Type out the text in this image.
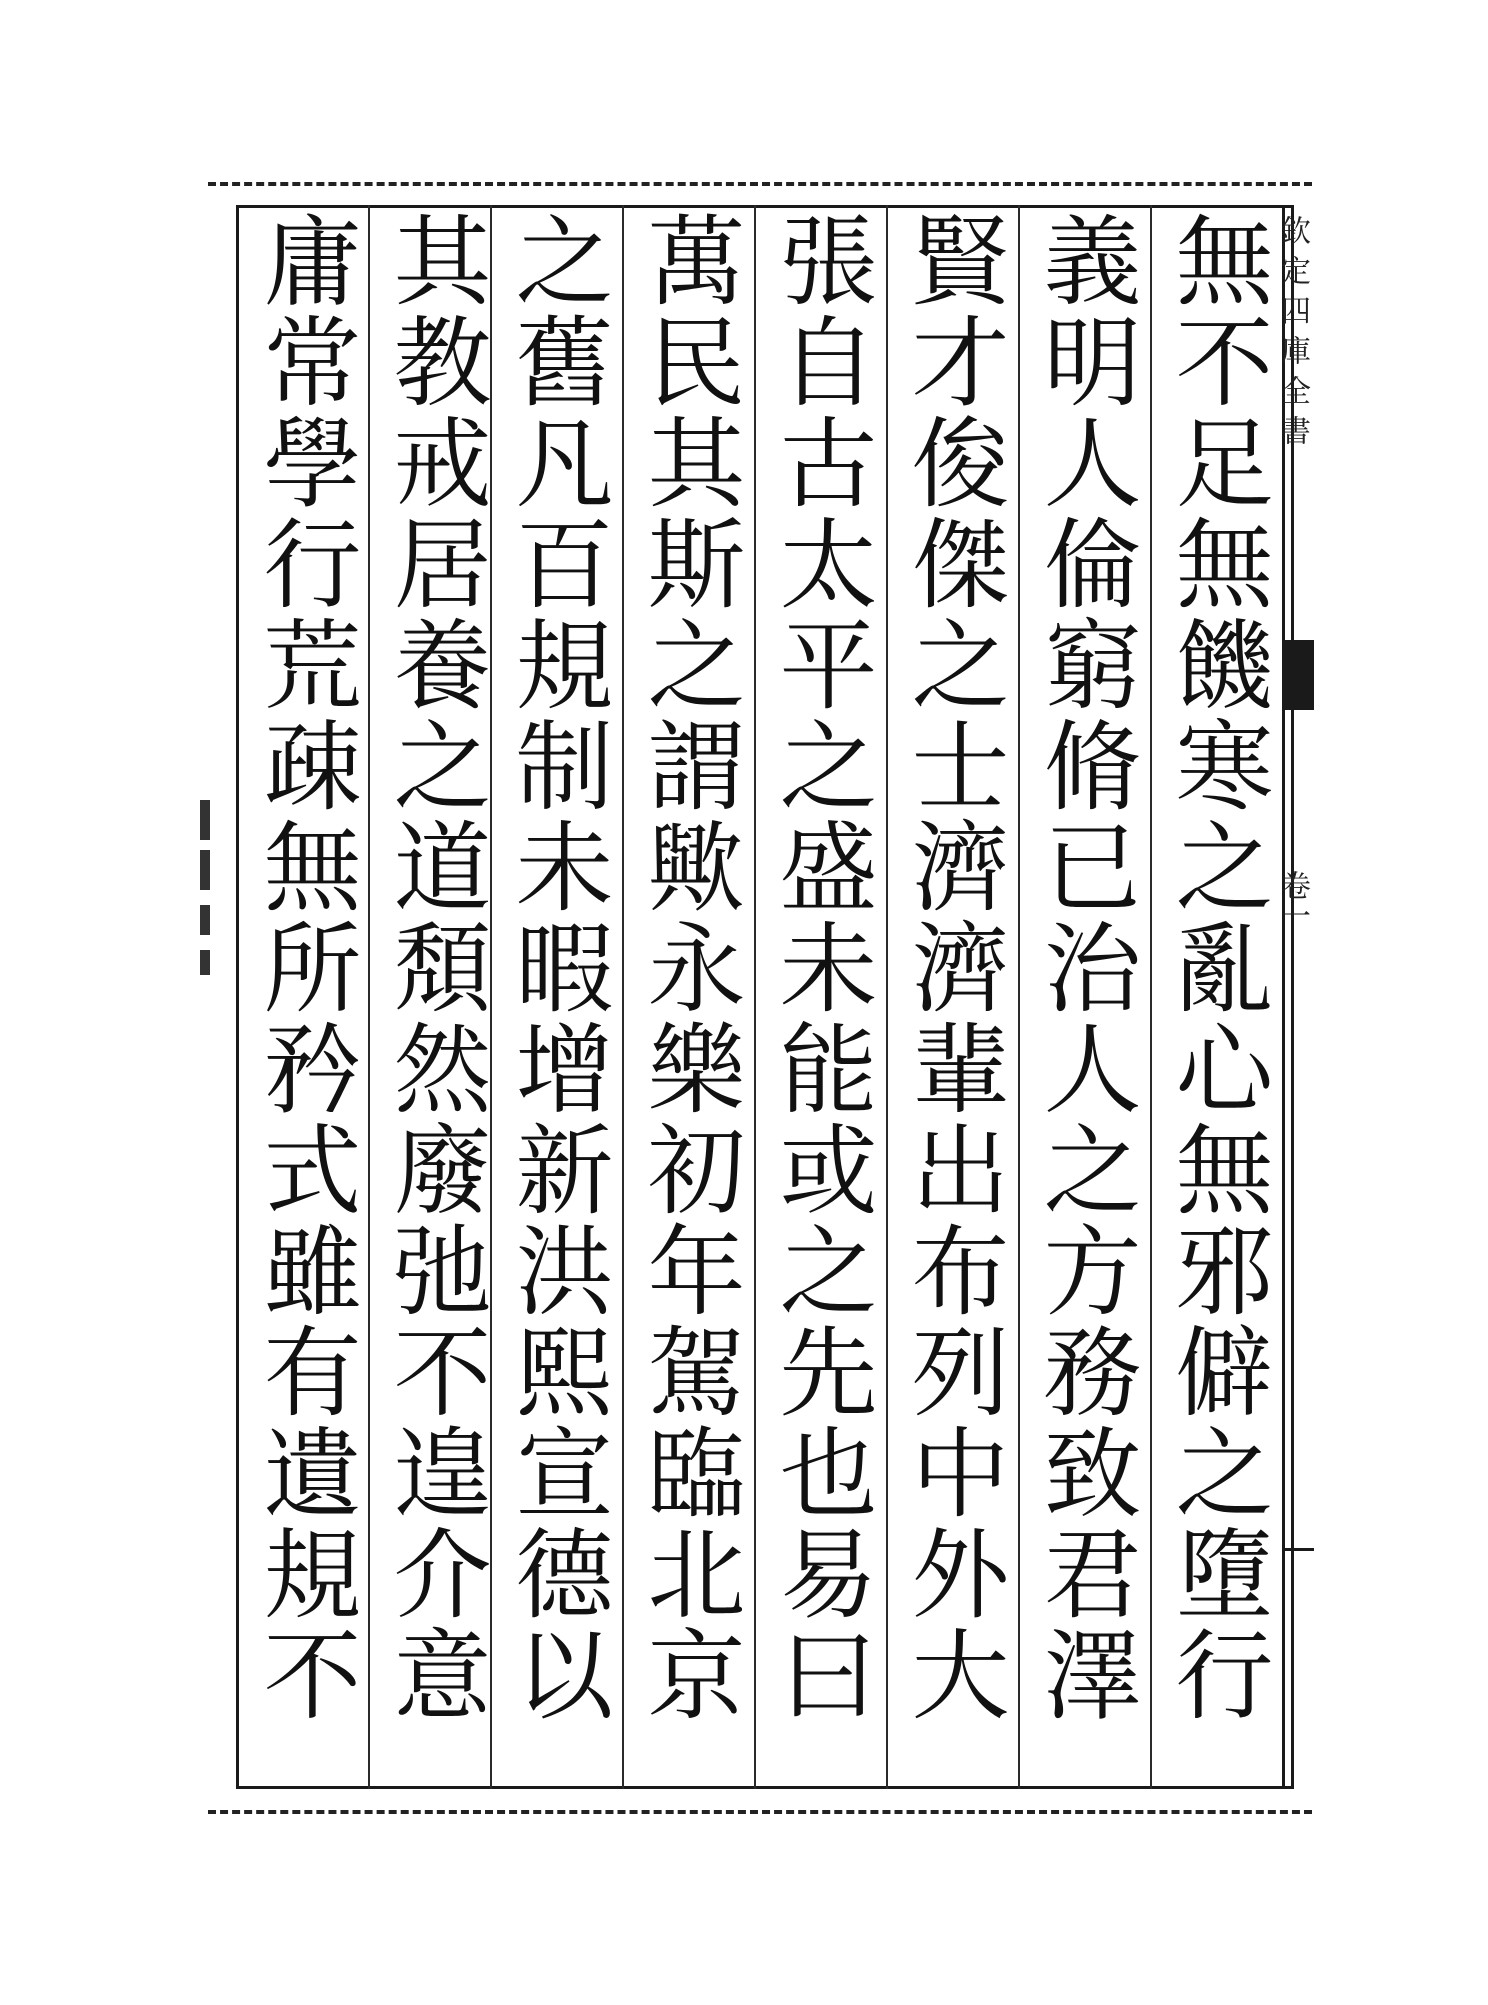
欽定四庫全書
卷一
無不足無饑寒之亂心無邪僻之墮行
義明人倫窮脩已治人之方務致君澤
賢才俊傑之士濟濟輩出布列中外大
張自古太平之盛未能或之先也易曰
萬民其斯之謂歟永樂初年駕臨北京
之舊凡百規制未暇增新洪熙宣德以
其教戒居養之道頽然廢弛不遑介意
庸常學行荒疎無所矜式雖有遺規不
